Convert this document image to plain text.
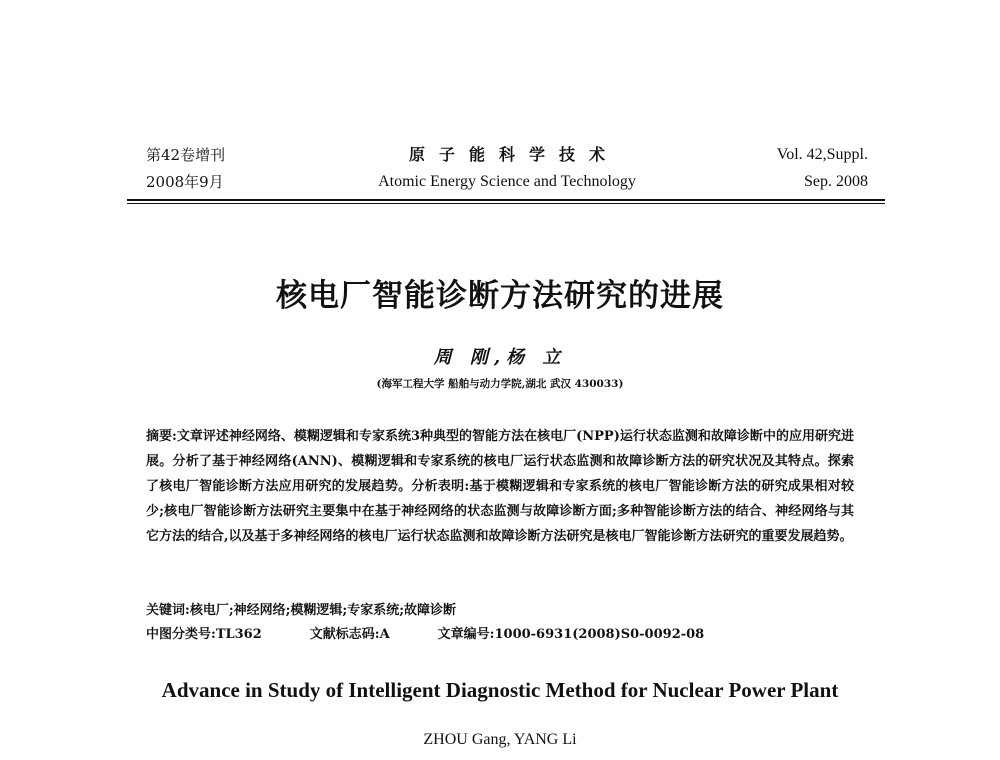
第42卷增刊
2008年9月
原子能科学技术
Atomic Energy Science and Technology
Vol. 42,Suppl.
Sep. 2008
核电厂智能诊断方法研究的进展
周 刚,杨 立
(海军工程大学 船舶与动力学院,湖北 武汉 430033)
摘要:文章评述神经网络、模糊逻辑和专家系统3种典型的智能方法在核电厂(NPP)运行状态监测和故障诊断中的应用研究进展。分析了基于神经网络(ANN)、模糊逻辑和专家系统的核电厂运行状态监测和故障诊断方法的研究状况及其特点。探索了核电厂智能诊断方法应用研究的发展趋势。分析表明:基于模糊逻辑和专家系统的核电厂智能诊断方法的研究成果相对较少;核电厂智能诊断方法研究主要集中在基于神经网络的状态监测与故障诊断方面;多种智能诊断方法的结合、神经网络与其它方法的结合,以及基于多神经网络的核电厂运行状态监测和故障诊断方法研究是核电厂智能诊断方法研究的重要发展趋势。
关键词:核电厂;神经网络;模糊逻辑;专家系统;故障诊断
中图分类号:TL362	文献标志码:A	文章编号:1000-6931(2008)S0-0092-08
Advance in Study of Intelligent Diagnostic Method for Nuclear Power Plant
ZHOU Gang, YANG Li
